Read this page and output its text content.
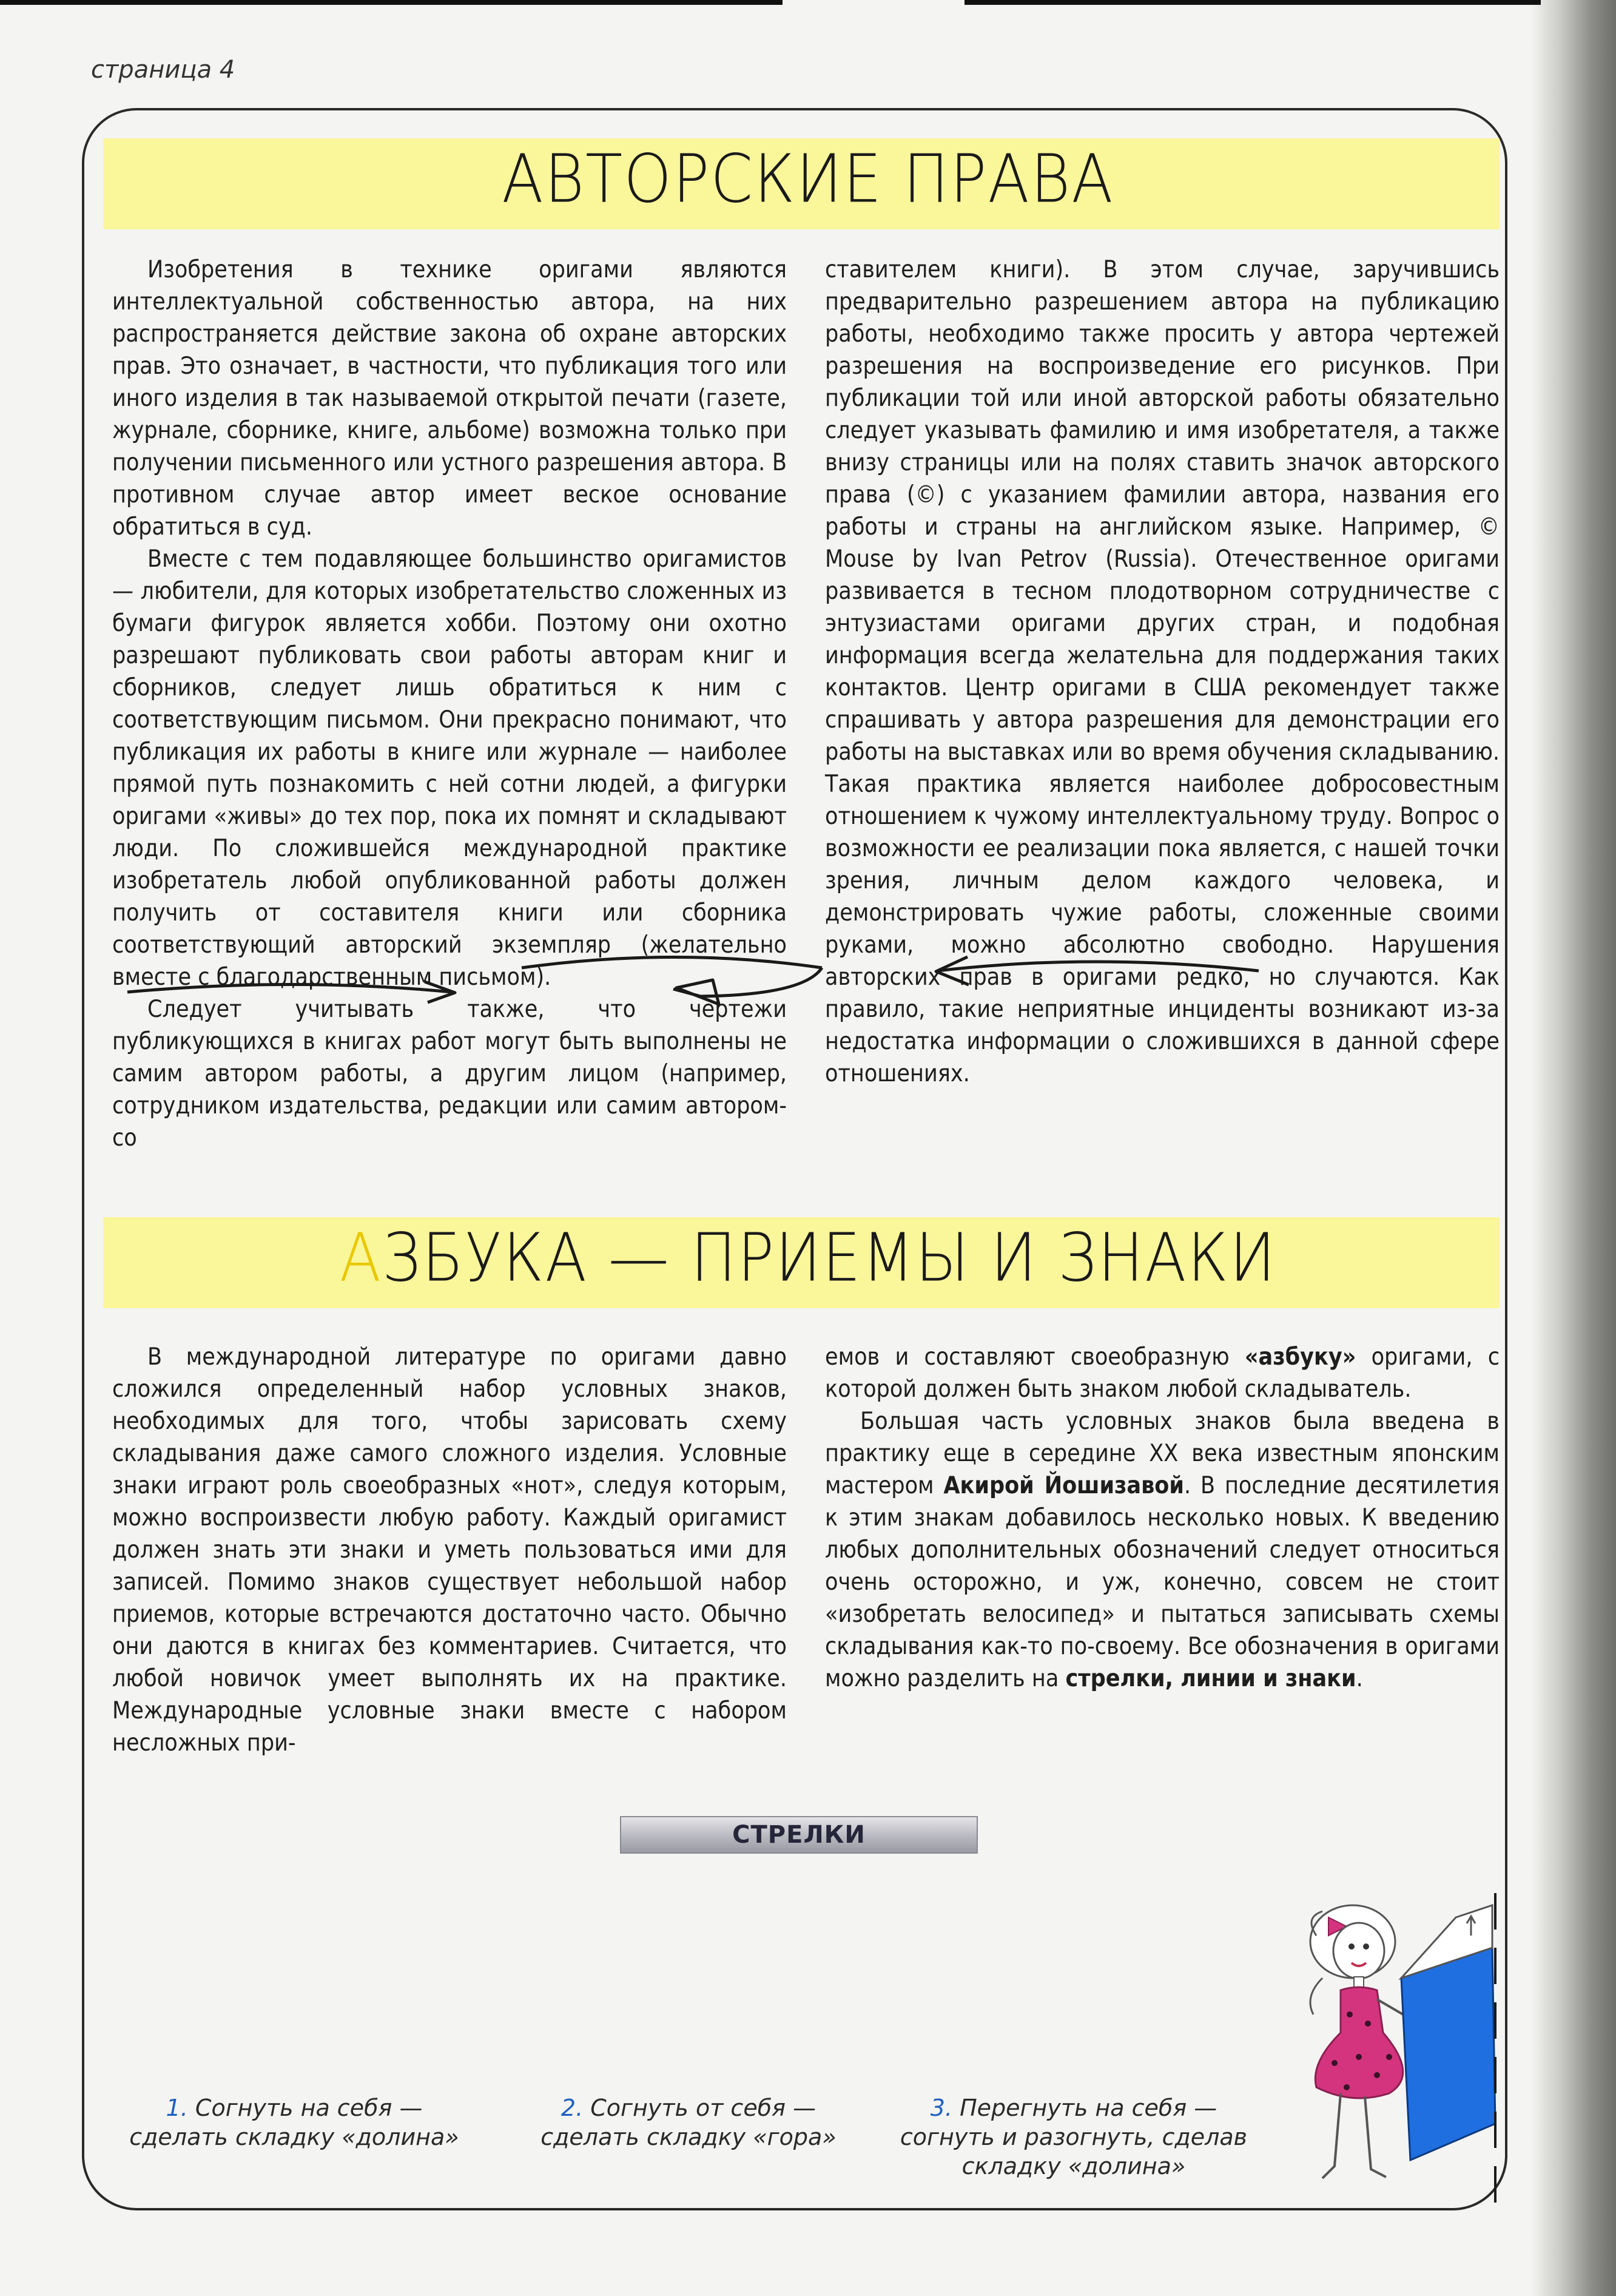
страница 4
АВТОРСКИЕ ПРАВА

Изобретения в технике оригами являются интеллектуальной собственностью автора, на них распространяется действие закона об охране авторских прав. Это означает, в частности, что публикация того или иного изделия в так называемой открытой печати (газете, журнале, сборнике, книге, альбоме) возможна только при получении письменного или устного разрешения автора. В противном случае автор имеет веское основание обратиться в суд.

Вместе с тем подавляющее большинство оригамистов — любители, для которых изобретательство сложенных из бумаги фигурок является хобби. Поэтому они охотно разрешают публиковать свои работы авторам книг и сборников, следует лишь обратиться к ним с соответствующим письмом. Они прекрасно понимают, что публикация их работы в книге или журнале — наиболее прямой путь познакомить с ней сотни людей, а фигурки оригами «живы» до тех пор, пока их помнят и складывают люди. По сложившейся международной практике изобретатель любой опубликованной работы должен получить от составителя книги или сборника соответствующий авторский экземпляр (желательно вместе с благодарственным письмом).

Следует учитывать также, что чертежи публикующихся в книгах работ могут быть выполнены не самим автором работы, а другим лицом (например, сотрудником издательства, редакции или самим автором-со

ставителем книги). В этом случае, заручившись предварительно разрешением автора на публикацию работы, необходимо также просить у автора чертежей разрешения на воспроизведение его рисунков. При публикации той или иной авторской работы обязательно следует указывать фамилию и имя изобретателя, а также внизу страницы или на полях ставить значок авторского права (©) с указанием фамилии автора, названия его работы и страны на английском языке. Например, © Mouse by Ivan Petrov (Russia). Отечественное оригами развивается в тесном плодотворном сотрудничестве с энтузиастами оригами других стран, и подобная информация всегда желательна для поддержания таких контактов. Центр оригами в США рекомендует также спрашивать у автора разрешения для демонстрации его работы на выставках или во время обучения складыванию. Такая практика является наиболее добросовестным отношением к чужому интеллектуальному труду. Вопрос о возможности ее реализации пока является, с нашей точки зрения, личным делом каждого человека, и демонстрировать чужие работы, сложенные своими руками, можно абсолютно свободно. Нарушения авторских прав в оригами редко, но случаются. Как правило, такие неприятные инциденты возникают из-за недостатка информации о сложившихся в данной сфере отношениях.

АЗБУКА — ПРИЕМЫ И ЗНАКИ

В международной литературе по оригами давно сложился определенный набор условных знаков, необходимых для того, чтобы зарисовать схему складывания даже самого сложного изделия. Условные знаки играют роль своеобразных «нот», следуя которым, можно воспроизвести любую работу. Каждый оригамист должен знать эти знаки и уметь пользоваться ими для записей. Помимо знаков существует небольшой набор приемов, которые встречаются достаточно часто. Обычно они даются в книгах без комментариев. Считается, что любой новичок умеет выполнять их на практике. Международные условные знаки вместе с набором несложных при-

емов и составляют своеобразную «азбуку» оригами, с которой должен быть знаком любой складыватель.

Большая часть условных знаков была введена в практику еще в середине XX века известным японским мастером Акирой Йошизавой. В последние десятилетия к этим знакам добавилось несколько новых. К введению любых дополнительных обозначений следует относиться очень осторожно, и уж, конечно, совсем не стоит «изобретать велосипед» и пытаться записывать схемы складывания как-то по-своему. Все обозначения в оригами можно разделить на стрелки, линии и знаки.

СТРЕЛКИ
1. Согнуть на себя — сделать складку «долина»
2. Согнуть от себя — сделать складку «гора»
3. Перегнуть на себя — согнуть и разогнуть, сделав складку «долина»
